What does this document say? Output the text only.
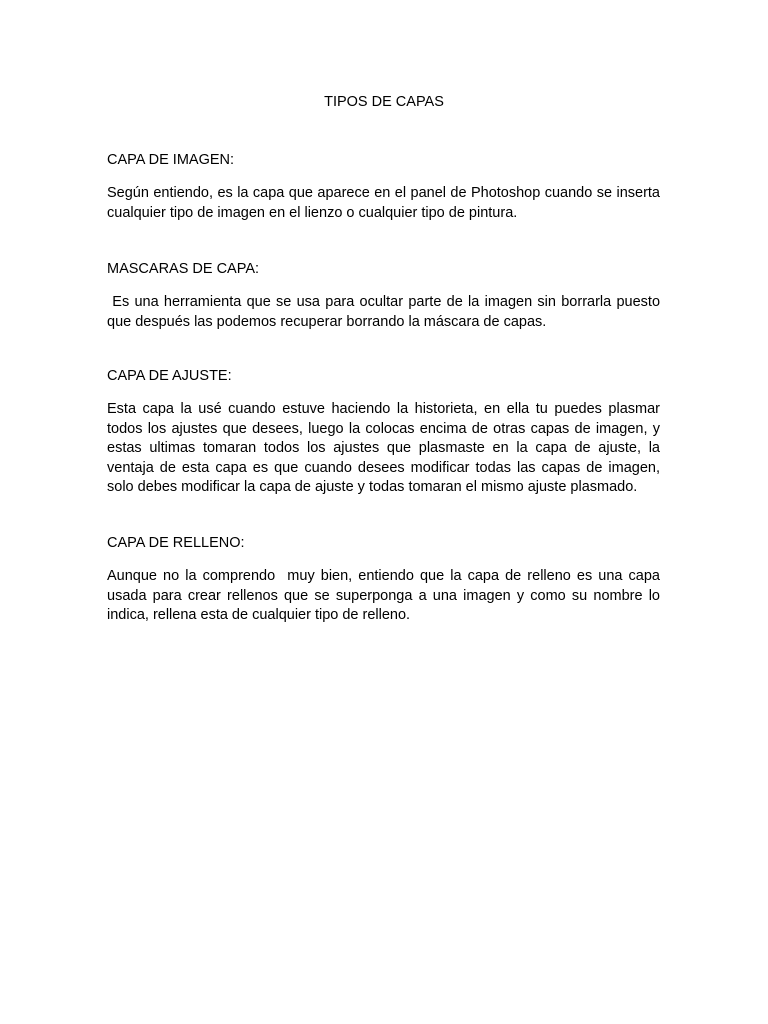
TIPOS DE CAPAS
CAPA DE IMAGEN:

Según entiendo, es la capa que aparece en el panel de Photoshop cuando se inserta cualquier tipo de imagen en el lienzo o cualquier tipo de pintura.

MASCARAS DE CAPA:

Es una herramienta que se usa para ocultar parte de la imagen sin borrarla puesto que después las podemos recuperar borrando la máscara de capas.

CAPA DE AJUSTE:

Esta capa la usé cuando estuve haciendo la historieta, en ella tu puedes plasmar todos los ajustes que desees, luego la colocas encima de otras capas de imagen, y estas ultimas tomaran todos los ajustes que plasmaste en la capa de ajuste, la ventaja de esta capa es que cuando desees modificar todas las capas de imagen, solo debes modificar la capa de ajuste y todas tomaran el mismo ajuste plasmado.

CAPA DE RELLENO:

Aunque no la comprendo  muy bien, entiendo que la capa de relleno es una capa usada para crear rellenos que se superponga a una imagen y como su nombre lo indica, rellena esta de cualquier tipo de relleno.
